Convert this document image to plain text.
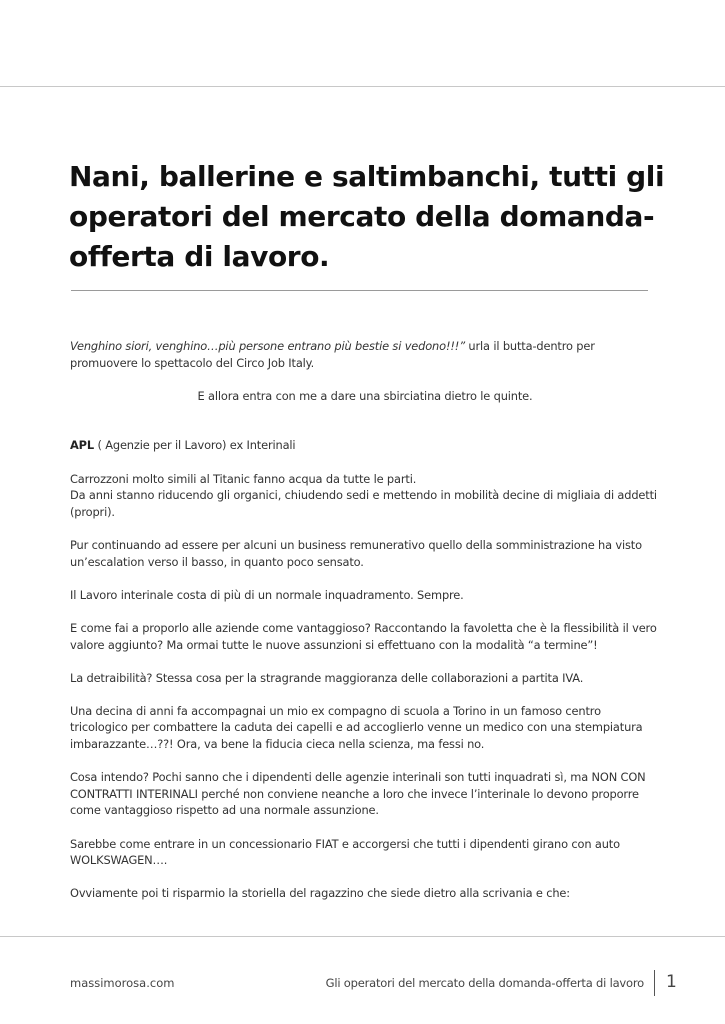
Nani, ballerine e saltimbanchi, tutti gli operatori del mercato della domanda-offerta di lavoro.

Venghino siori, venghino…più persone entrano più bestie si vedono!!!” urla il butta-dentro per promuovere lo spettacolo del Circo Job Italy.

E allora entra con me a dare una sbirciatina dietro le quinte.

APL ( Agenzie per il Lavoro) ex Interinali

Carrozzoni molto simili al Titanic fanno acqua da tutte le parti.
Da anni stanno riducendo gli organici, chiudendo sedi e mettendo in mobilità decine di migliaia di addetti (propri).

Pur continuando ad essere per alcuni un business remunerativo quello della somministrazione ha visto un’escalation verso il basso, in quanto poco sensato.

Il Lavoro interinale costa di più di un normale inquadramento. Sempre.

E come fai a proporlo alle aziende come vantaggioso? Raccontando la favoletta che è la flessibilità il vero valore aggiunto? Ma ormai tutte le nuove assunzioni si effettuano con la modalità “a termine”!

La detraibilità? Stessa cosa per la stragrande maggioranza delle collaborazioni a partita IVA.

Una decina di anni fa accompagnai un mio ex compagno di scuola a Torino in un famoso centro tricologico per combattere la caduta dei capelli e ad accoglierlo venne un medico con una stempiatura imbarazzante…??! Ora, va bene la fiducia cieca nella scienza, ma fessi no.

Cosa intendo? Pochi sanno che i dipendenti delle agenzie interinali son tutti inquadrati sì, ma NON CON CONTRATTI INTERINALI perché non conviene neanche a loro che invece l’interinale lo devono proporre come vantaggioso rispetto ad una normale assunzione.

Sarebbe come entrare in un concessionario FIAT e accorgersi che tutti i dipendenti girano con auto WOLKSWAGEN….

Ovviamente poi ti risparmio la storiella del ragazzino che siede dietro alla scrivania e che:

massimorosa.com	Gli operatori del mercato della domanda-offerta di lavoro 1
